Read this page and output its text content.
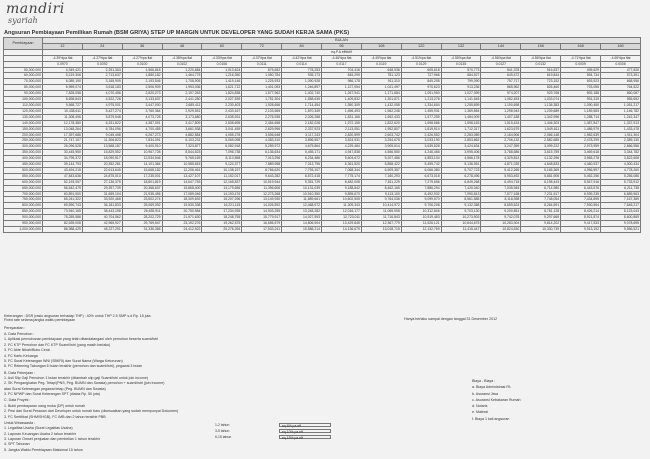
mandiri
syariah
Angsuran Pembiayaan Pemilikan Rumah (BSM GRIYA) STEP UP MARGIN UNTUK DEVELOPER YANG SUDAH KERJA SAMA (PKS)
Pembiayaan	BULAN														
	12	24	36	48	60	72	84	96	108	120	132	144	156	168	180
	eq.P.A effektif														
	-4.39%pa flat	-4.27%pa flat	-4.27%pa flat	-4.38%pa flat	-4.33%pa flat	-4.37%pa flat	-4.42%pa flat	-4.46%pa flat	-4.49%pa flat	-4.51%pa flat	-4.55%pa flat	-4.56%pa flat	-4.56%pa flat	-4.71%pa flat	-4.69%pa flat
	0.0970	0.0092	0.0100	0.0102	0.0106	0.0111	0.0114	0.0117	0.0119	0.0129	0.0135	0.0127	0.0132	0.0009	0.0006
50,000,000	4,349,421	2,251,363	1,566,818	1,220,684	1,013,624	875,652	778,253	704,416	648,936	605,618	570,773	541,378	516,537	495,629	477,826
60,000,000	5,219,306	2,713,637	1,880,182	1,464,775	1,216,350	1,050,784	935,173	845,299	781,123	727,966	684,927	649,472	619,844	594,734	573,391
70,000,000	6,089,190	3,165,909	2,193,546	1,708,905	1,419,146	1,225,933	1,090,928	986,178	911,310	849,295	799,090	757,717	723,152	693,923	668,956
80,000,000	6,959,074	3,618,183	2,506,909	1,953,036	1,621,712	1,401,053	1,246,897	1,127,054	1,041,497	970,623	913,236	865,962	826,460	793,055	764,522
90,000,000	7,828,058	4,070,456	2,820,273	2,197,263	1,824,838	1,577,962	1,402,740	1,267,941	1,171,684	1,091,950	1,027,399	974,207	929,768	892,188	860,087
100,000,000	8,698,843	4,522,726	3,133,637	2,441,280	2,027,539	1,751,304	1,558,635	1,409,832	1,301,871	1,213,276	1,141,545	1,082,453	1,033,074	991,319	955,652
110,000,000	9,568,727	4,975,001	3,447,000	2,685,411	2,230,403	1,928,656	1,714,454	1,550,309	1,432,058	1,334,604	1,255,699	1,190,698	1,136,383	1,090,450	1,051,217
120,000,000	10,438,611	5,427,274	3,760,364	2,929,551	2,433,167	2,103,565	1,870,349	1,696,493	1,562,246	1,455,931	1,369,854	1,298,943	1,239,689	1,189,583	1,146,782
130,000,000	11,308,496	5,879,548	4,073,728	3,173,680	2,635,931	2,276,935	2,026,288	1,831,166	1,692,433	1,577,259	1,484,009	1,407,188	1,342,996	1,288,714	1,242,347
140,000,000	12,178,380	6,331,822	4,387,091	3,417,809	2,838,695	2,454,658	2,182,028	1,972,155	1,822,620	1,698,586	1,598,163	1,515,434	1,446,303	1,387,847	1,337,913
150,000,000	13,048,264	6,784,096	4,700,455	3,661,938	3,041,459	2,629,996	2,337,923	2,113,051	1,952,807	1,819,914	1,712,317	1,623,679	1,549,611	1,486,979	1,433,478
200,000,000	17,397,686	9,045,458	6,267,273	4,882,584	4,055,278	3,506,648	3,117,243	2,820,599	2,603,742	2,426,552	2,283,089	2,164,906	2,066,148	1,982,639	1,911,304
250,000,000	21,747,107	11,306,823	7,834,091	6,103,231	5,069,098	4,383,310	3,896,557	3,524,931	3,254,678	3,033,190	2,853,862	2,706,132	2,582,685	2,478,299	2,389,130
300,000,000	26,096,528	13,568,187	9,400,910	7,323,877	6,082,918	5,259,972	4,675,864	4,229,484	3,905,614	3,639,828	3,424,634	3,247,359	3,099,222	2,973,959	2,866,956
350,000,000	30,445,950	15,829,552	10,967,728	8,544,523	7,096,738	6,136,634	5,455,171	4,947,838	4,556,550	4,246,466	3,995,406	3,788,586	3,615,759	3,469,618	3,344,782
400,000,000	34,795,372	18,090,917	12,534,546	9,765,169	8,110,558	7,013,296	6,234,486	5,604,672	5,207,486	4,853,104	4,566,178	4,329,812	4,132,296	3,965,278	3,822,608
450,000,000	39,144,793	20,352,281	14,101,364	10,985,815	9,124,377	7,889,958	7,013,796	6,361,520	5,858,422	5,459,742	5,136,951	4,871,039	4,648,833	4,460,937	4,300,434
500,000,000	43,494,215	22,613,645	15,668,182	12,206,461	10,138,197	8,766,620	7,793,107	7,068,344	6,509,357	6,066,380	5,707,723	5,412,265	5,165,369	4,956,597	4,778,260
550,000,000	47,843,636	24,875,010	17,235,001	13,427,107	11,152,017	9,643,282	8,572,418	7,775,174	7,160,293	6,673,018	6,278,496	5,953,492	5,681,906	5,452,256	5,256,086
600,000,000	52,193,057	27,136,375	18,801,819	14,647,753	12,165,837	10,519,944	9,351,729	8,482,008	7,811,229	7,279,656	6,849,268	6,494,718	6,198,443	5,947,916	5,733,912
650,000,000	56,542,479	29,397,739	20,368,637	15,868,400	13,179,656	11,396,606	10,131,039	9,188,842	8,462,165	7,886,294	7,420,040	7,035,945	6,714,980	6,443,576	6,211,738
700,000,000	60,891,900	31,659,104	21,935,456	17,089,046	14,193,476	12,273,268	10,910,350	9,895,670	9,113,100	8,492,932	7,990,813	7,577,168	7,231,517	6,939,235	6,689,563
750,000,000	65,241,322	33,920,468	23,502,274	18,309,692	15,207,296	13,149,930	11,689,661	10,602,505	9,764,036	9,099,570	8,561,585	8,118,398	7,748,054	7,434,895	7,167,389
800,000,000	69,590,743	36,181,833	25,069,092	19,530,338	16,221,115	14,026,592	12,468,972	11,309,343	10,414,972	9,706,208	9,132,358	8,659,624	8,264,591	7,930,554	7,645,217
850,000,000	73,940,165	38,443,198	26,635,911	20,750,984	17,234,935	14,903,255	13,248,282	12,016,177	11,065,908	10,312,846	9,703,130	9,200,851	8,781,128	8,426,214	8,123,043
900,000,000	78,289,586	40,704,562	28,202,729	21,971,630	18,248,755	15,779,917	14,027,593	12,723,011	11,716,843	10,919,483	10,273,903	9,742,078	9,297,665	8,921,874	8,600,869
950,000,000	82,639,008	42,965,927	29,769,547	23,192,276	19,262,575	16,656,579	14,806,904	13,429,845	12,367,779	11,526,121	10,844,675	10,283,304	9,814,202	9,417,533	9,078,695
1,000,000,000	86,988,429	45,227,291	31,336,365	24,412,922	20,276,394	17,533,241	15,586,214	14,136,679	13,018,715	12,132,759	11,415,447	10,824,530	10,330,739	9,913,192	9,556,521
Keterangan : DSR (rasio angsuran terhadap THP) : 40% untuk THP 2.5 SMP s.d Rp. 15 juta
Fixed rate selama jangka waktu pembiayaan	Hanya berlaku sampai dengan tanggal 31 Desember 2012
Persyaratan :
A. Data Pemohon :
1. Aplikasi permohonan pembiayaan yang telah ditandatangani oleh pemohon beserta suami/istri
2. FC KTP Pemohon dan FC KTP Suami/Istri (yang masih berlaku)
3. FC Akte Nikah/Buku Cerai
4. FC Kartu Keluarga
5. FC Surat Keterangan WNI (SBKRI) dan Surat Nama (Warga Keturunan)
6. FC Rekening Tabungan 6 bulan terakhir (pemohon dan suami/istri), pegawai 3 bulan
B. Data Pekerjaan :
1. Asli Slip Gaji Pemohon 1 bulan terakhir (ditambah slip gaji Suami/istri untuk join income)
2. SK Pengangkatan Peg. Tetap/(PNS, Peg. BUMN dan Swasta) pemohon + suami/istri (join income)
atau Surat Keterangan pegawai tetap (Peg. BUMN dan Swasta)
3. FC NPWP dan Surat Keterangan SPT (diatas Rp. 50 juta)
C. Data Proyek :
1. Bukti pembayaran uang muka (DP) untuk rumah
2. Pesi dari Surat Pesanan dari Developer untuk rumah baru (disesuaikan yang sudah mempunyai Dokumen)
3. FC Sertifikat (SHM/SHGB), FC IMB dan 2 tahun terakhir PBB
Untuk Wiraswasta :
1. Legalitas Usaha (Surat Legalitas Usaha)
2. Laporan Keuangan Usaha 2 tahun terakhir
3. Laporan Omset penjualan dan pembelian 1 tahun terakhir
4. SPT Tahunan
5. Jangka Waktu Pembiayaan Maksimal 15 tahun
Biaya - Biaya :
a. Biaya Administrasi Flt.
b. Asuransi Jiwa
c. Asuransi Kebakaran Rumah
d. Notaris
e. Materai
f. Biaya 1 kali angsuran
1-2 tahun	eq.6% pa eff
3-5 tahun	eq.10% pa eff
6-15 tahun	eq.15% pa eff
